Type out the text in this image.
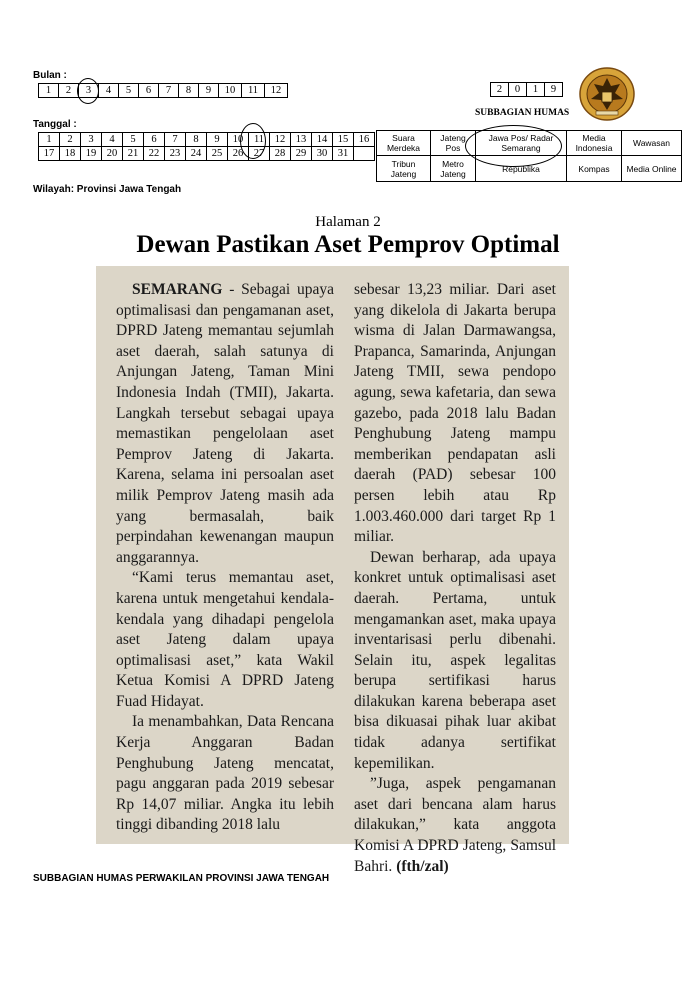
Bulan :
1	2	3	4	5	6	7	8	9	10	11	12
Tanggal :
1	2	3	4	5	6	7	8	9	10	11	12	13	14	15	16
17	18	19	20	21	22	23	24	25	26	27	28	29	30	31	
Wilayah: Provinsi Jawa Tengah
2	0	1	9
SUBBAGIAN HUMAS
Suara Merdeka	Jateng Pos	Jawa Pos/ Radar Semarang	Media Indonesia	Wawasan
Tribun Jateng	Metro Jateng	Republika	Kompas	Media Online
Halaman 2
Dewan Pastikan Aset Pemprov Optimal

SEMARANG - Sebagai upaya optimalisasi dan pengamanan aset, DPRD Jateng memantau sejumlah aset daerah, salah satunya di Anjungan Jateng, Taman Mini Indonesia Indah (TMII), Jakarta. Langkah tersebut sebagai upaya memastikan pengelolaan aset Pemprov Jateng di Jakarta. Karena, selama ini persoalan aset milik Pemprov Jateng masih ada yang bermasalah, baik perpindahan kewenangan maupun anggarannya.

“Kami terus memantau aset, karena untuk mengetahui kendala-kendala yang dihadapi pengelola aset Jateng dalam upaya optimalisasi aset,” kata Wakil Ketua Komisi A DPRD Jateng Fuad Hidayat.

Ia menambahkan, Data Rencana Kerja Anggaran Badan Penghubung Jateng mencatat, pagu anggaran pada 2019 sebesar Rp 14,07 miliar. Angka itu lebih tinggi dibanding 2018 lalu

sebesar 13,23 miliar. Dari aset yang dikelola di Jakarta berupa wisma di Jalan Darmawangsa, Prapanca, Samarinda, Anjungan Jateng TMII, sewa pendopo agung, sewa kafetaria, dan sewa gazebo, pada 2018 lalu Badan Penghubung Jateng mampu memberikan pendapatan asli daerah (PAD) sebesar 100 persen lebih atau Rp 1.003.460.000 dari target Rp 1 miliar.

Dewan berharap, ada upaya konkret untuk optimalisasi aset daerah. Pertama, untuk mengamankan aset, maka upaya inventarisasi perlu dibenahi. Selain itu, aspek legalitas berupa sertifikasi harus dilakukan karena beberapa aset bisa dikuasai pihak luar akibat tidak adanya sertifikat kepemilikan.

”Juga, aspek pengamanan aset dari bencana alam harus dilakukan,” kata anggota Komisi A DPRD Jateng, Samsul Bahri. (fth/zal)

SUBBAGIAN HUMAS PERWAKILAN PROVINSI JAWA TENGAH
